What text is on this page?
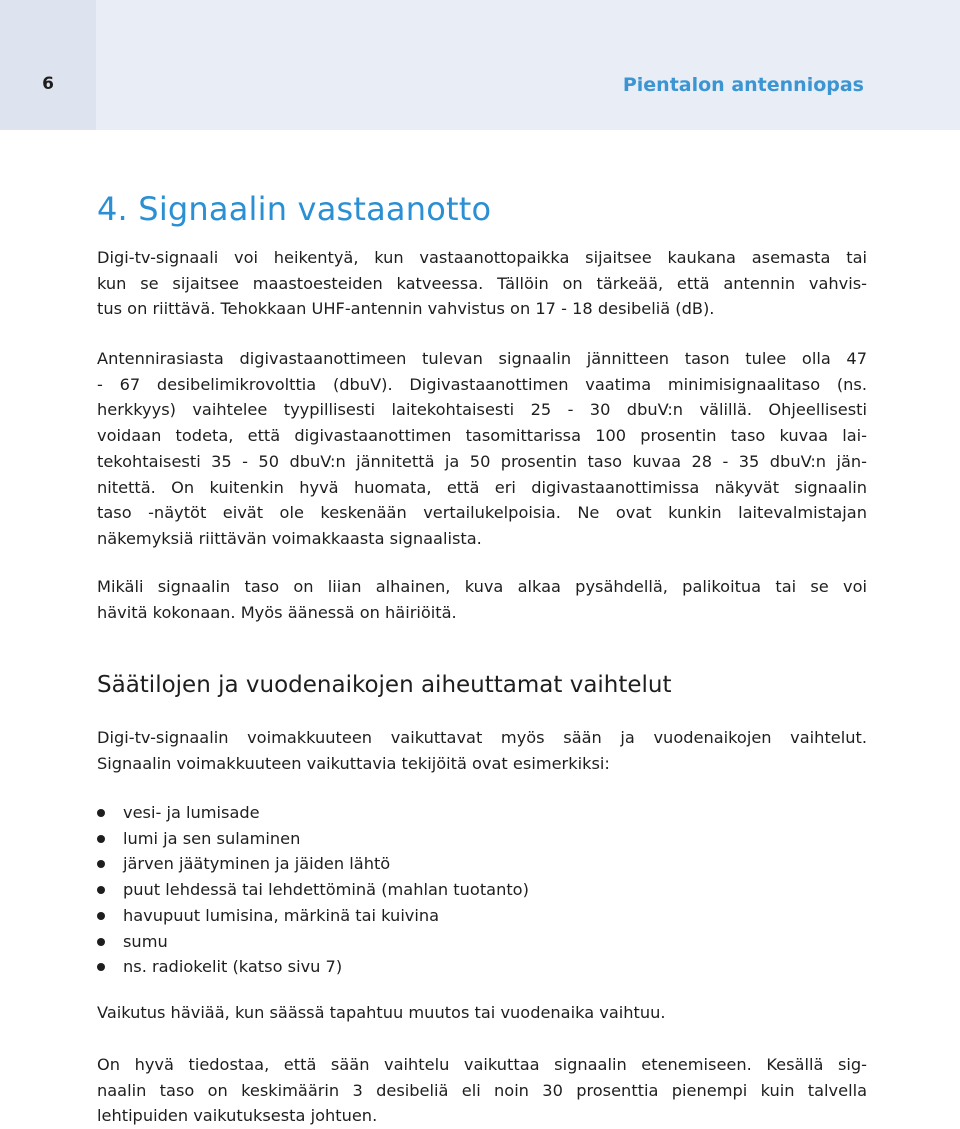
6	Pientalon antenniopas
4. Signaalin vastaanotto

Digi-tv-signaali voi heikentyä, kun vastaanottopaikka sijaitsee kaukana asemasta tai
kun se sijaitsee maastoesteiden katveessa. Tällöin on tärkeää, että antennin vahvis-
tus on riittävä. Tehokkaan UHF-antennin vahvistus on 17 - 18 desibeliä (dB).

Antennirasiasta digivastaanottimeen tulevan signaalin jännitteen tason tulee olla 47
- 67 desibelimikrovolttia (dbuV). Digivastaanottimen vaatima minimisignaalitaso (ns.
herkkyys) vaihtelee tyypillisesti laitekohtaisesti 25 - 30 dbuV:n välillä. Ohjeellisesti
voidaan todeta, että digivastaanottimen tasomittarissa 100 prosentin taso kuvaa lai-
tekohtaisesti 35 - 50 dbuV:n jännitettä ja 50 prosentin taso kuvaa 28 - 35 dbuV:n jän-
nitettä. On kuitenkin hyvä huomata, että eri digivastaanottimissa näkyvät signaalin
taso -näytöt eivät ole keskenään vertailukelpoisia. Ne ovat kunkin laitevalmistajan
näkemyksiä riittävän voimakkaasta signaalista.

Mikäli signaalin taso on liian alhainen, kuva alkaa pysähdellä, palikoitua tai se voi
hävitä kokonaan. Myös äänessä on häiriöitä.

Säätilojen ja vuodenaikojen aiheuttamat vaihtelut

Digi-tv-signaalin voimakkuuteen vaikuttavat myös sään ja vuodenaikojen vaihtelut.
Signaalin voimakkuuteen vaikuttavia tekijöitä ovat esimerkiksi:

vesi- ja lumisade
lumi ja sen sulaminen
järven jäätyminen ja jäiden lähtö
puut lehdessä tai lehdettöminä (mahlan tuotanto)
havupuut lumisina, märkinä tai kuivina
sumu
ns. radiokelit (katso sivu 7)

Vaikutus häviää, kun säässä tapahtuu muutos tai vuodenaika vaihtuu.

On hyvä tiedostaa, että sään vaihtelu vaikuttaa signaalin etenemiseen. Kesällä sig-
naalin taso on keskimäärin 3 desibeliä eli noin 30 prosenttia pienempi kuin talvella
lehtipuiden vaikutuksesta johtuen.
